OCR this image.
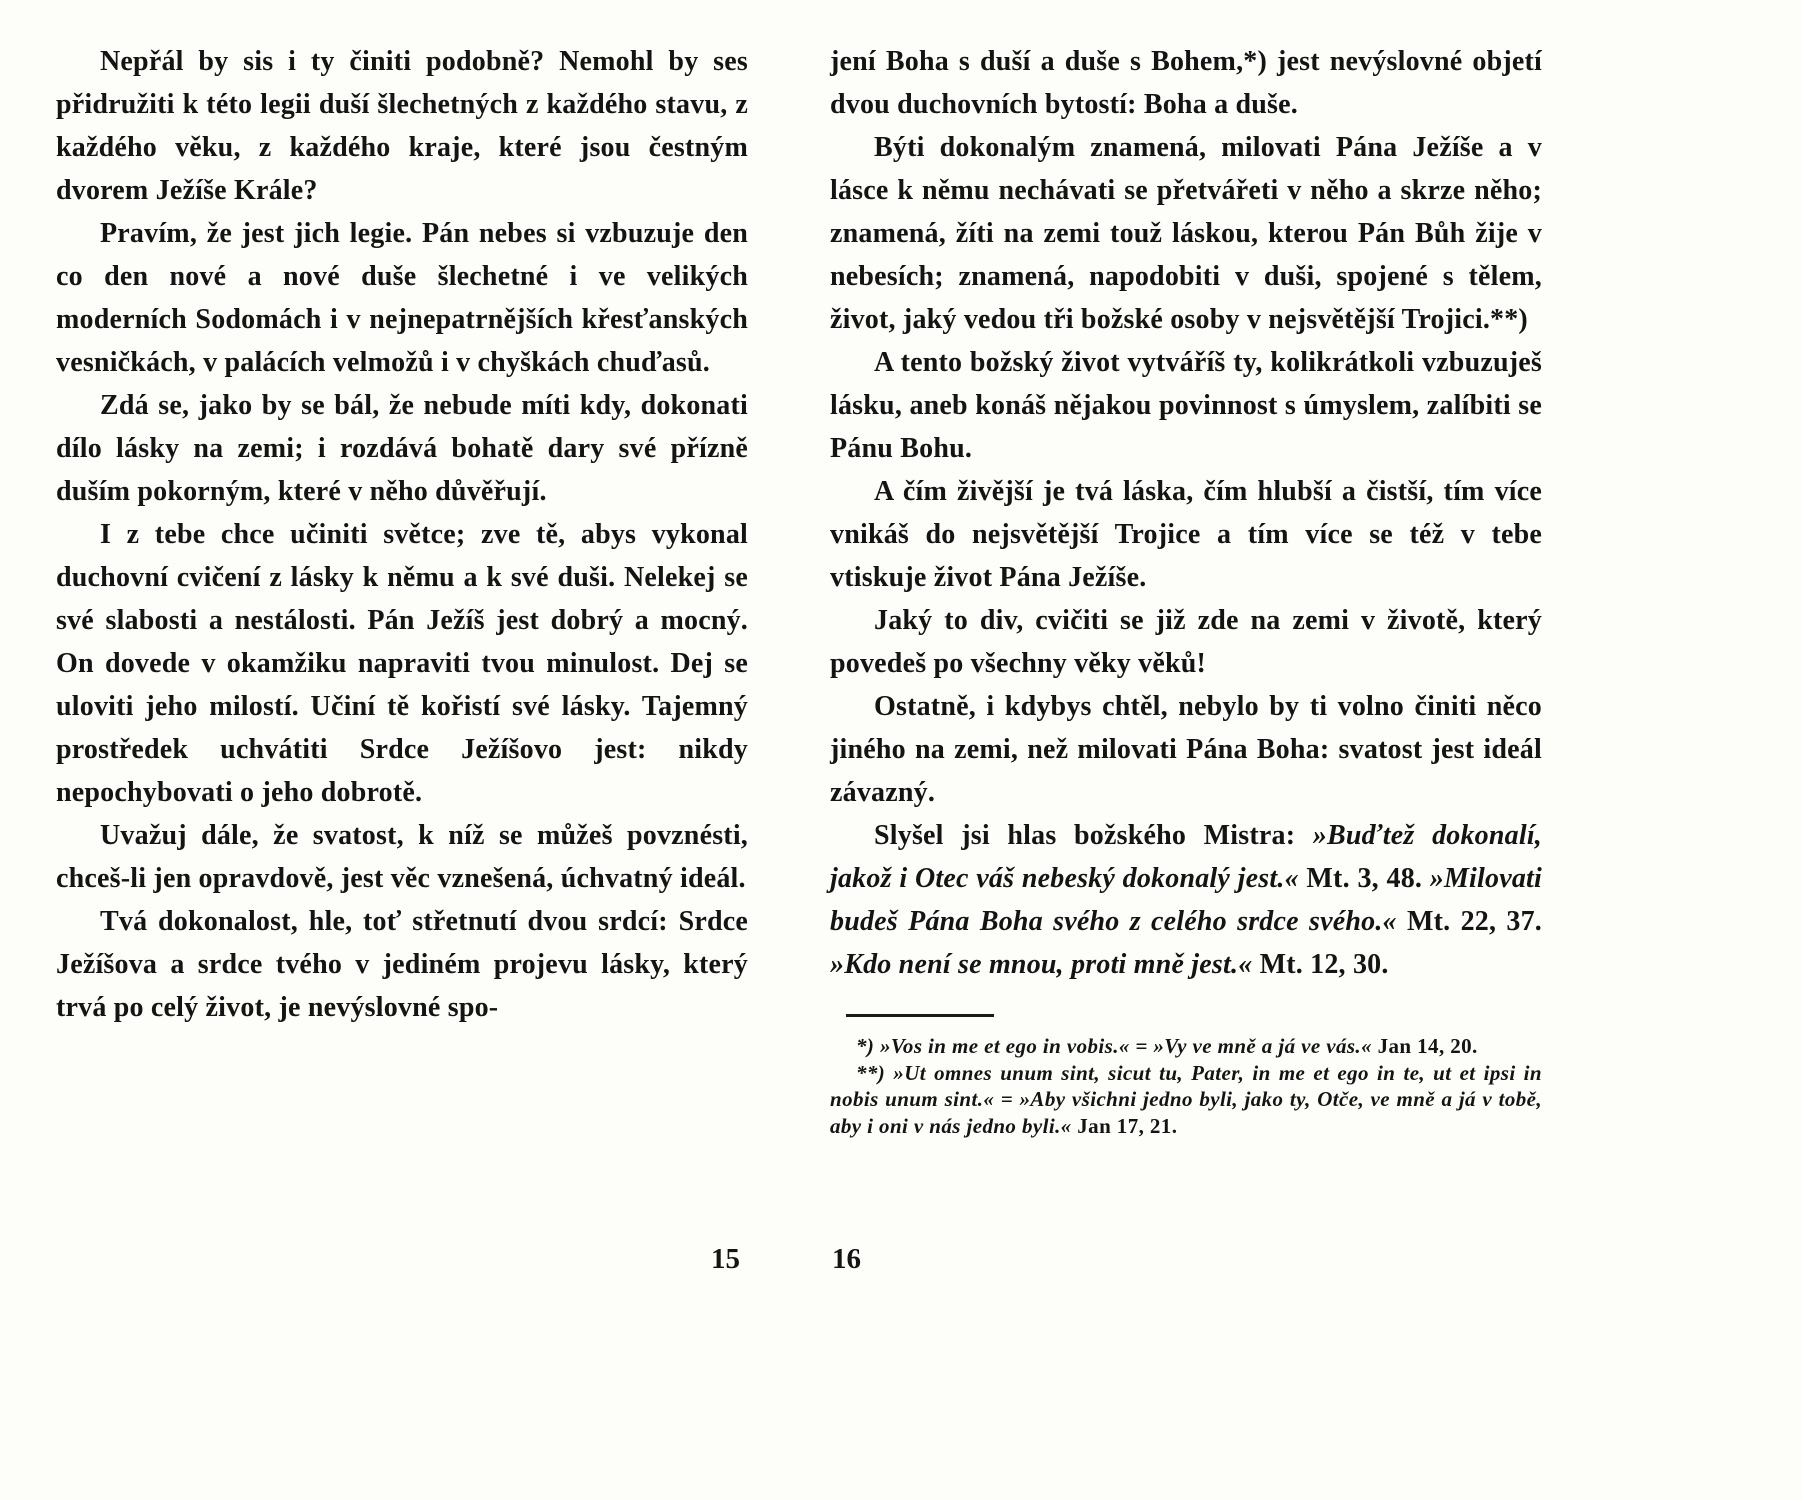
Nepřál by sis i ty činiti podobně? Nemohl by ses přidružiti k této legii duší šlechetných z každého stavu, z každého věku, z každého kraje, které jsou čestným dvorem Ježíše Krále?

Pravím, že jest jich legie. Pán nebes si vzbuzuje den co den nové a nové duše šlechetné i ve velikých moderních Sodomách i v nejnepatrnějších křesťanských vesničkách, v palácích velmožů i v chyškách chuďasů.

Zdá se, jako by se bál, že nebude míti kdy, dokonati dílo lásky na zemi; i rozdává bohatě dary své přízně duším pokorným, které v něho důvěřují.

I z tebe chce učiniti světce; zve tě, abys vykonal duchovní cvičení z lásky k němu a k své duši. Nelekej se své slabosti a nestálosti. Pán Ježíš jest dobrý a mocný. On dovede v okamžiku napraviti tvou minulost. Dej se uloviti jeho milostí. Učiní tě kořistí své lásky. Tajemný prostředek uchvátiti Srdce Ježíšovo jest: nikdy nepochybovati o jeho dobrotě.

Uvažuj dále, že svatost, k níž se můžeš povznésti, chceš-li jen opravdově, jest věc vznešená, úchvatný ideál.

Tvá dokonalost, hle, toť střetnutí dvou srdcí: Srdce Ježíšova a srdce tvého v jediném projevu lásky, který trvá po celý život, je nevýslovné spo-

jení Boha s duší a duše s Bohem,*) jest nevýslovné objetí dvou duchovních bytostí: Boha a duše.

Býti dokonalým znamená, milovati Pána Ježíše a v lásce k němu nechávati se přetvářeti v něho a skrze něho; znamená, žíti na zemi touž láskou, kterou Pán Bůh žije v nebesích; znamená, napodobiti v duši, spojené s tělem, život, jaký vedou tři božské osoby v nejsvětější Trojici.**)

A tento božský život vytváříš ty, kolikrátkoli vzbuzuješ lásku, aneb konáš nějakou povinnost s úmyslem, zalíbiti se Pánu Bohu.

A čím živější je tvá láska, čím hlubší a čistší, tím více vnikáš do nejsvětější Trojice a tím více se též v tebe vtiskuje život Pána Ježíše.

Jaký to div, cvičiti se již zde na zemi v životě, který povedeš po všechny věky věků!

Ostatně, i kdybys chtěl, nebylo by ti volno činiti něco jiného na zemi, než milovati Pána Boha: svatost jest ideál závazný.

Slyšel jsi hlas božského Mistra: »Buďtež dokonalí, jakož i Otec váš nebeský dokonalý jest.« Mt. 3, 48. »Milovati budeš Pána Boha svého z celého srdce svého.« Mt. 22, 37. »Kdo není se mnou, proti mně jest.« Mt. 12, 30.

*) »Vos in me et ego in vobis.« = »Vy ve mně a já ve vás.« Jan 14, 20.

**) »Ut omnes unum sint, sicut tu, Pater, in me et ego in te, ut et ipsi in nobis unum sint.« = »Aby všichni jedno byli, jako ty, Otče, ve mně a já v tobě, aby i oni v nás jedno byli.« Jan 17, 21.

15	16
